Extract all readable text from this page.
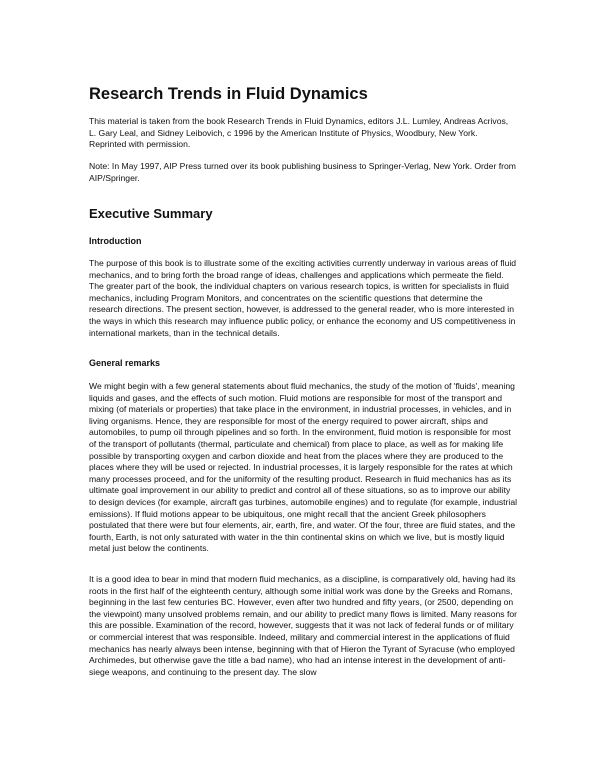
Research Trends in Fluid Dynamics

This material is taken from the book Research Trends in Fluid Dynamics, editors J.L. Lumley, Andreas Acrivos, L. Gary Leal, and Sidney Leibovich, c 1996 by the American Institute of Physics, Woodbury, New York. Reprinted with permission.

Note: In May 1997, AIP Press turned over its book publishing business to Springer-Verlag, New York. Order from AIP/Springer.

Executive Summary
Introduction

The purpose of this book is to illustrate some of the exciting activities currently underway in various areas of fluid mechanics, and to bring forth the broad range of ideas, challenges and applications which permeate the field. The greater part of the book, the individual chapters on various research topics, is written for specialists in fluid mechanics, including Program Monitors, and concentrates on the scientific questions that determine the research directions. The present section, however, is addressed to the general reader, who is more interested in the ways in which this research may influence public policy, or enhance the economy and US competitiveness in international markets, than in the technical details.

General remarks

We might begin with a few general statements about fluid mechanics, the study of the motion of 'fluids', meaning liquids and gases, and the effects of such motion. Fluid motions are responsible for most of the transport and mixing (of materials or properties) that take place in the environment, in industrial processes, in vehicles, and in living organisms. Hence, they are responsible for most of the energy required to power aircraft, ships and automobiles, to pump oil through pipelines and so forth. In the environment, fluid motion is responsible for most of the transport of pollutants (thermal, particulate and chemical) from place to place, as well as for making life possible by transporting oxygen and carbon dioxide and heat from the places where they are produced to the places where they will be used or rejected. In industrial processes, it is largely responsible for the rates at which many processes proceed, and for the uniformity of the resulting product. Research in fluid mechanics has as its ultimate goal improvement in our ability to predict and control all of these situations, so as to improve our ability to design devices (for example, aircraft gas turbines, automobile engines) and to regulate (for example, industrial emissions). If fluid motions appear to be ubiquitous, one might recall that the ancient Greek philosophers postulated that there were but four elements, air, earth, fire, and water. Of the four, three are fluid states, and the fourth, Earth, is not only saturated with water in the thin continental skins on which we live, but is mostly liquid metal just below the continents.

It is a good idea to bear in mind that modern fluid mechanics, as a discipline, is comparatively old, having had its roots in the first half of the eighteenth century, although some initial work was done by the Greeks and Romans, beginning in the last few centuries BC. However, even after two hundred and fifty years, (or 2500, depending on the viewpoint) many unsolved problems remain, and our ability to predict many flows is limited. Many reasons for this are possible. Examination of the record, however, suggests that it was not lack of federal funds or of military or commercial interest that was responsible. Indeed, military and commercial interest in the applications of fluid mechanics has nearly always been intense, beginning with that of Hieron the Tyrant of Syracuse (who employed Archimedes, but otherwise gave the title a bad name), who had an intense interest in the development of anti-siege weapons, and continuing to the present day. The slow
